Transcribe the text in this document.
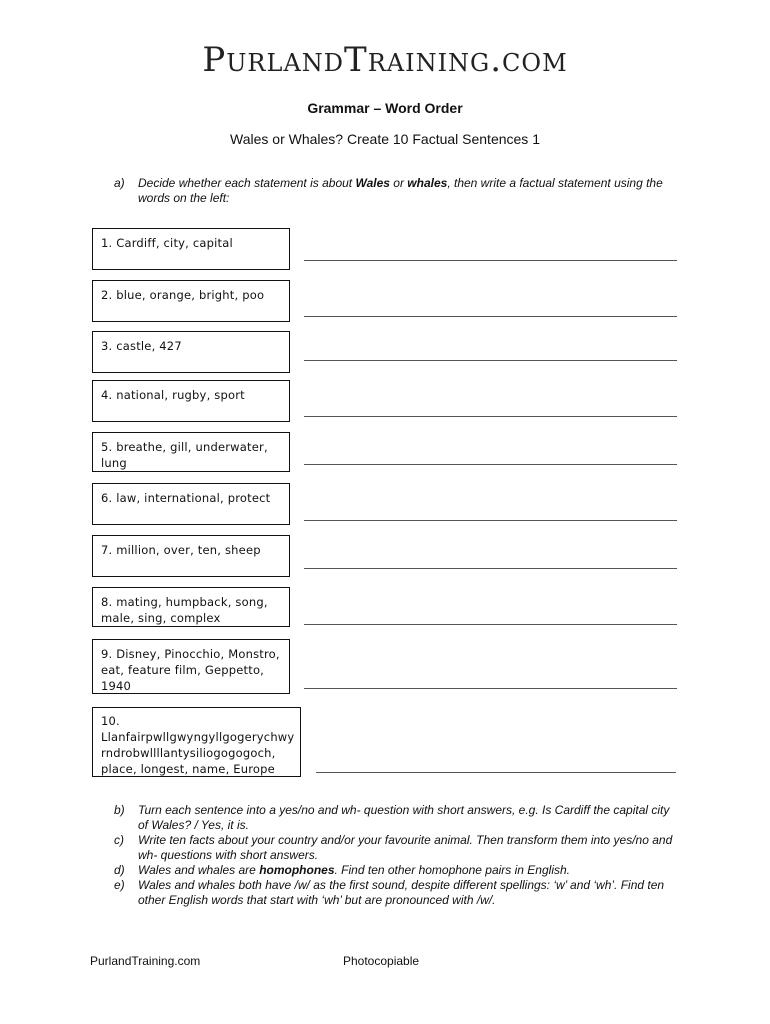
PurlandTraining.com
Grammar – Word Order
Wales or Whales? Create 10 Factual Sentences 1
a) Decide whether each statement is about Wales or whales, then write a factual statement using the words on the left:
1. Cardiff, city, capital
2. blue, orange, bright, poo
3. castle, 427
4. national, rugby, sport
5. breathe, gill, underwater, lung
6. law, international, protect
7. million, over, ten, sheep
8. mating, humpback, song, male, sing, complex
9. Disney, Pinocchio, Monstro, eat, feature film, Geppetto, 1940
10.
Llanfairpwllgwyngyllgogerychwy
rndrobwllllantysiliogogogoch,
place, longest, name, Europe
b) Turn each sentence into a yes/no and wh- question with short answers, e.g. Is Cardiff the capital city of Wales? / Yes, it is.
c) Write ten facts about your country and/or your favourite animal. Then transform them into yes/no and wh- questions with short answers.
d) Wales and whales are homophones. Find ten other homophone pairs in English.
e) Wales and whales both have /w/ as the first sound, despite different spellings: ‘w’ and ‘wh’. Find ten other English words that start with ‘wh’ but are pronounced with /w/.
PurlandTraining.com	Photocopiable
